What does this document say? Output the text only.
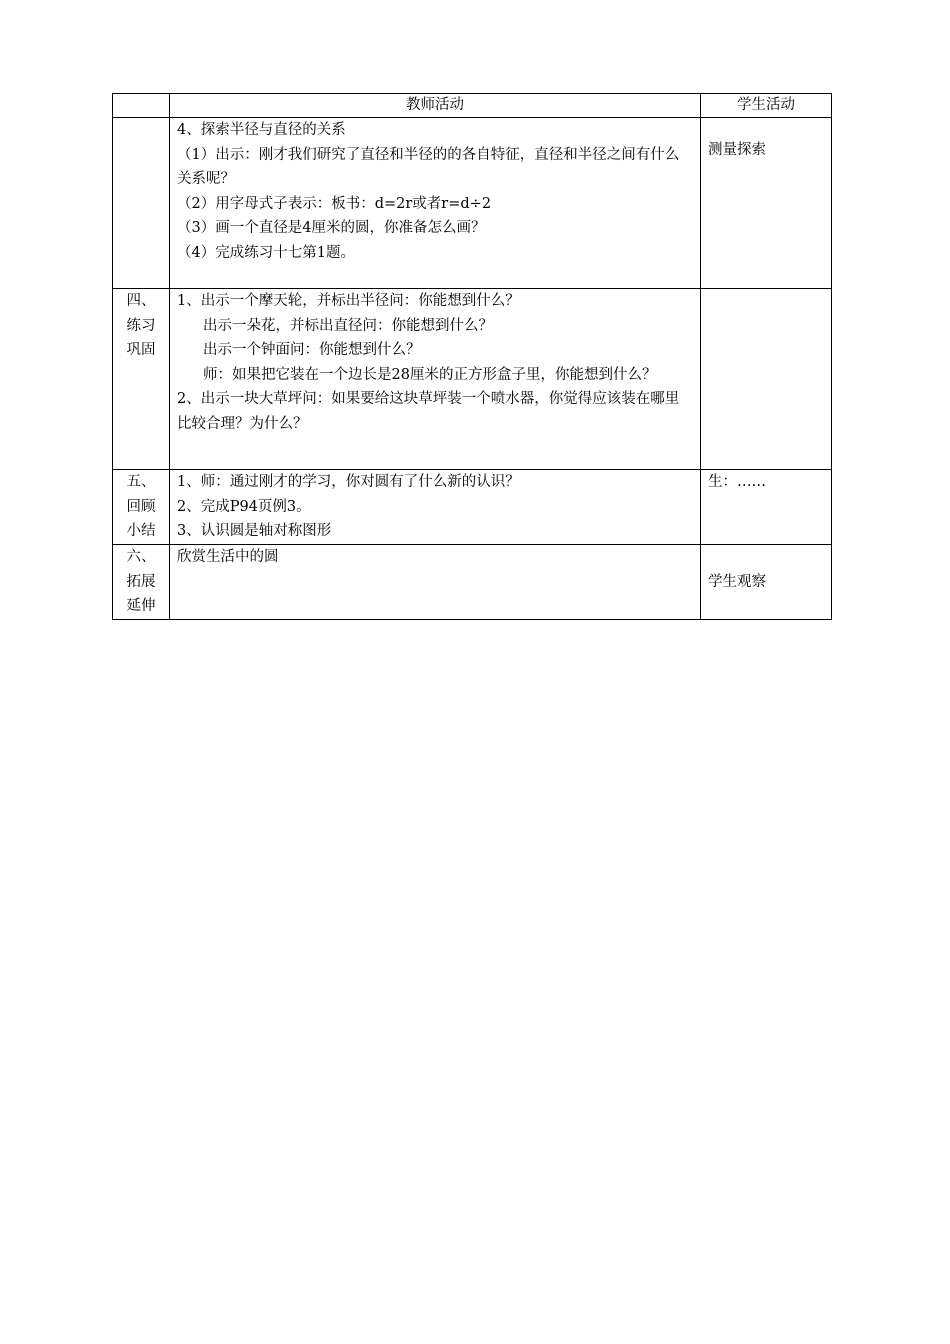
	教师活动	学生活动

	4、探索半径与直径的关系
（1）出示：刚才我们研究了直径和半径的的各自特征，直径和半径之间有什么关系呢？
（2）用字母式子表示：板书：d=2r或者r=d÷2
（3）画一个直径是4厘米的圆，你准备怎么画？
（4）完成练习十七第1题。	测量探索

四、
练习
巩固	1、出示一个摩天轮，并标出半径问：你能想到什么？
出示一朵花，并标出直径问：你能想到什么？
出示一个钟面问：你能想到什么？
师：如果把它装在一个边长是28厘米的正方形盒子里，你能想到什么？
2、出示一块大草坪问：如果要给这块草坪装一个喷水器，你觉得应该装在哪里比较合理？为什么？	

五、
回顾
小结	1、师：通过刚才的学习，你对圆有了什么新的认识？
2、完成P94页例3。
3、认识圆是轴对称图形	生：……

六、
拓展
延伸	欣赏生活中的圆	学生观察
